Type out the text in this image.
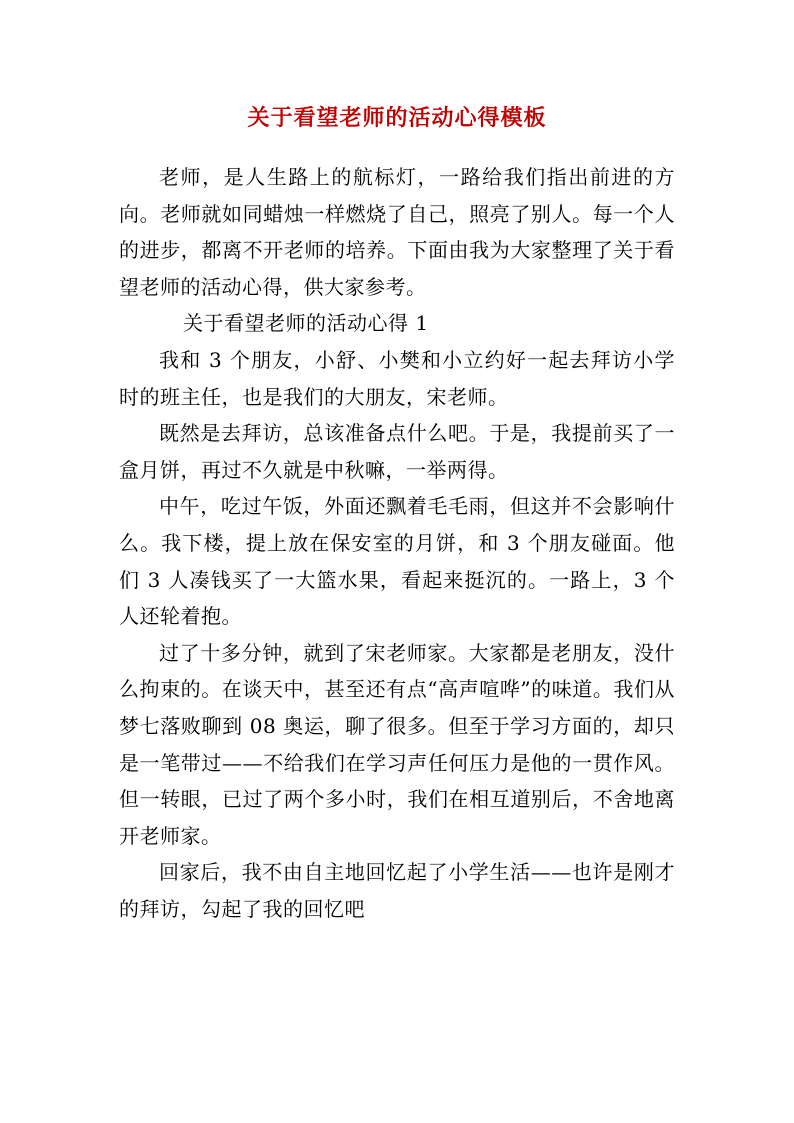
关于看望老师的活动心得模板

老师，是人生路上的航标灯，一路给我们指出前进的方向。老师就如同蜡烛一样燃烧了自己，照亮了别人。每一个人的进步，都离不开老师的培养。下面由我为大家整理了关于看望老师的活动心得，供大家参考。

关于看望老师的活动心得 1

我和 3 个朋友，小舒、小樊和小立约好一起去拜访小学时的班主任，也是我们的大朋友，宋老师。

既然是去拜访，总该准备点什么吧。于是，我提前买了一盒月饼，再过不久就是中秋嘛，一举两得。

中午，吃过午饭，外面还飘着毛毛雨，但这并不会影响什么。我下楼，提上放在保安室的月饼，和 3 个朋友碰面。他们 3 人凑钱买了一大篮水果，看起来挺沉的。一路上，3 个人还轮着抱。

过了十多分钟，就到了宋老师家。大家都是老朋友，没什么拘束的。在谈天中，甚至还有点“高声喧哗”的味道。我们从梦七落败聊到 08 奥运，聊了很多。但至于学习方面的，却只是一笔带过——不给我们在学习声任何压力是他的一贯作风。但一转眼，已过了两个多小时，我们在相互道别后，不舍地离开老师家。

回家后，我不由自主地回忆起了小学生活——也许是刚才的拜访，勾起了我的回忆吧
